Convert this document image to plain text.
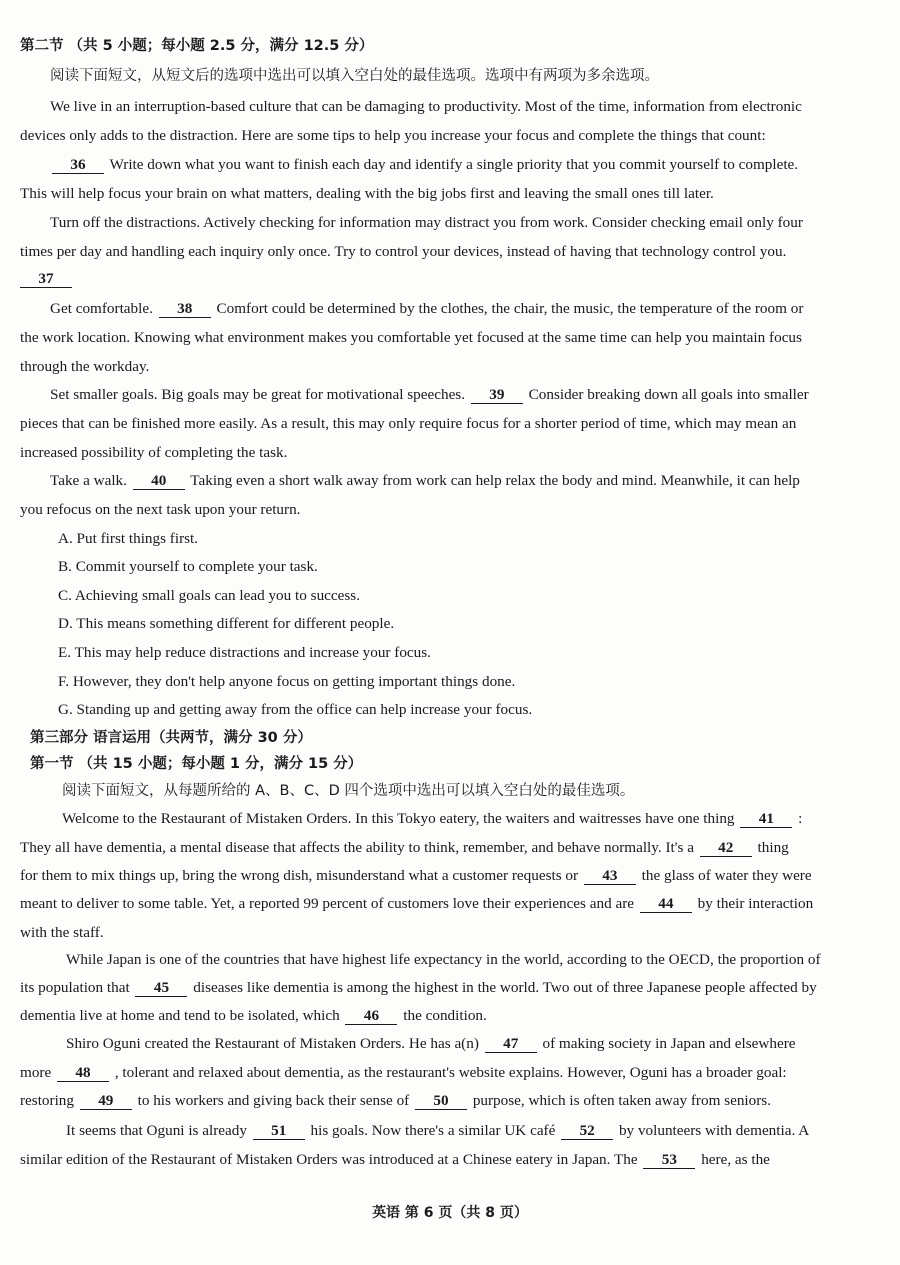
第二节 （共 5 小题；每小题 2.5 分，满分 12.5 分）
阅读下面短文，从短文后的选项中选出可以填入空白处的最佳选项。选项中有两项为多余选项。
We live in an interruption-based culture that can be damaging to productivity. Most of the time, information from electronic
devices only adds to the distraction. Here are some tips to help you increase your focus and complete the things that count:
36 Write down what you want to finish each day and identify a single priority that you commit yourself to complete.
This will help focus your brain on what matters, dealing with the big jobs first and leaving the small ones till later.
Turn off the distractions. Actively checking for information may distract you from work. Consider checking email only four
times per day and handling each inquiry only once. Try to control your devices, instead of having that technology control you.
37
Get comfortable. 38 Comfort could be determined by the clothes, the chair, the music, the temperature of the room or
the work location. Knowing what environment makes you comfortable yet focused at the same time can help you maintain focus
through the workday.
Set smaller goals. Big goals may be great for motivational speeches. 39 Consider breaking down all goals into smaller
pieces that can be finished more easily. As a result, this may only require focus for a shorter period of time, which may mean an
increased possibility of completing the task.
Take a walk. 40 Taking even a short walk away from work can help relax the body and mind. Meanwhile, it can help
you refocus on the next task upon your return.
A. Put first things first.
B. Commit yourself to complete your task.
C. Achieving small goals can lead you to success.
D. This means something different for different people.
E. This may help reduce distractions and increase your focus.
F. However, they don't help anyone focus on getting important things done.
G. Standing up and getting away from the office can help increase your focus.
第三部分 语言运用（共两节，满分 30 分）
第一节 （共 15 小题；每小题 1 分，满分 15 分）
阅读下面短文，从每题所给的 A、B、C、D 四个选项中选出可以填入空白处的最佳选项。
Welcome to the Restaurant of Mistaken Orders. In this Tokyo eatery, the waiters and waitresses have one thing 41 :
They all have dementia, a mental disease that affects the ability to think, remember, and behave normally. It's a 42 thing
for them to mix things up, bring the wrong dish, misunderstand what a customer requests or 43 the glass of water they were
meant to deliver to some table. Yet, a reported 99 percent of customers love their experiences and are 44 by their interaction
with the staff.
While Japan is one of the countries that have highest life expectancy in the world, according to the OECD, the proportion of
its population that 45 diseases like dementia is among the highest in the world. Two out of three Japanese people affected by
dementia live at home and tend to be isolated, which 46 the condition.
Shiro Oguni created the Restaurant of Mistaken Orders. He has a(n) 47 of making society in Japan and elsewhere
more 48 , tolerant and relaxed about dementia, as the restaurant's website explains. However, Oguni has a broader goal:
restoring 49 to his workers and giving back their sense of 50 purpose, which is often taken away from seniors.
It seems that Oguni is already 51 his goals. Now there's a similar UK café 52 by volunteers with dementia. A
similar edition of the Restaurant of Mistaken Orders was introduced at a Chinese eatery in Japan. The 53 here, as the
英语 第 6 页（共 8 页）
